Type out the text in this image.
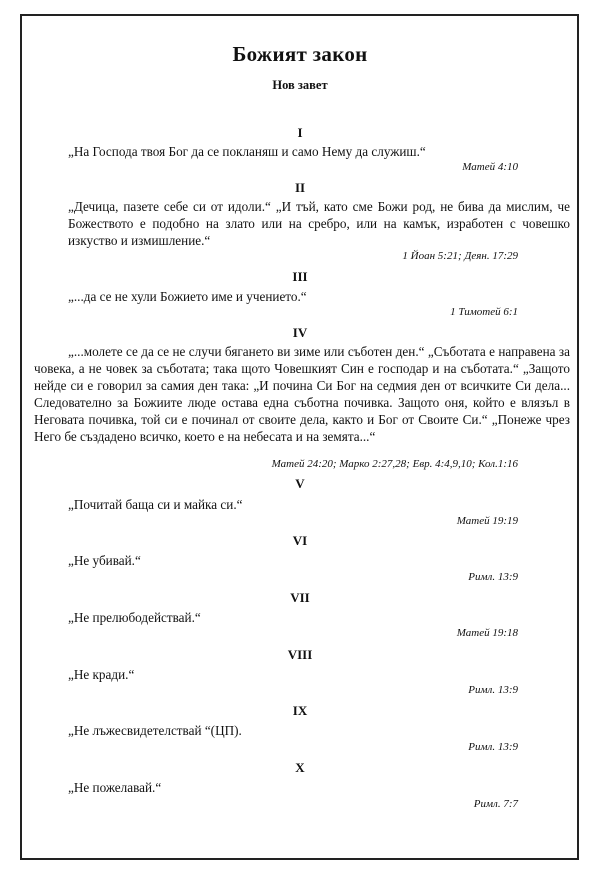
Божият закон
Нов завет
I
„На Господа твоя Бог да се покланяш и само Нему да служиш.“
Матей 4:10
II
„Дечица, пазете себе си от идоли.“ „И тъй, като сме Божи род, не бива да мислим, че Божеството е подобно на злато или на сребро, или на камък, изработен с човешко изкуство и измишление.“
1 Йоан 5:21; Деян. 17:29
III
„...да се не хули Божието име и учението.“
1 Тимотей 6:1
IV
„...молете се да се не случи бягането ви зиме или съботен ден.“ „Съботата е направена за човека, а не човек за съботата; така щото Човешкият Син е господар и на съботата.“ „Защото нейде си е говорил за самия ден така: „И почина Си Бог на седмия ден от всичките Си дела... Следователно за Божиите люде остава една съботна почивка. Защото оня, който е влязъл в Неговата почивка, той си е починал от своите дела, както и Бог от Своите Си.“ „Понеже чрез Него бе създадено всичко, което е на небесата и на земята...“
Матей 24:20; Марко 2:27,28; Евр. 4:4,9,10; Кол.1:16
V
„Почитай баща си и майка си.“
Матей 19:19
VI
„Не убивай.“
Римл. 13:9
VII
„Не прелюбодействай.“
Матей 19:18
VIII
„Не кради.“
Римл. 13:9
IX
„Не лъжесвидетелствай “(ЦП).
Римл. 13:9
X
„Не пожелавай.“
Римл. 7:7
